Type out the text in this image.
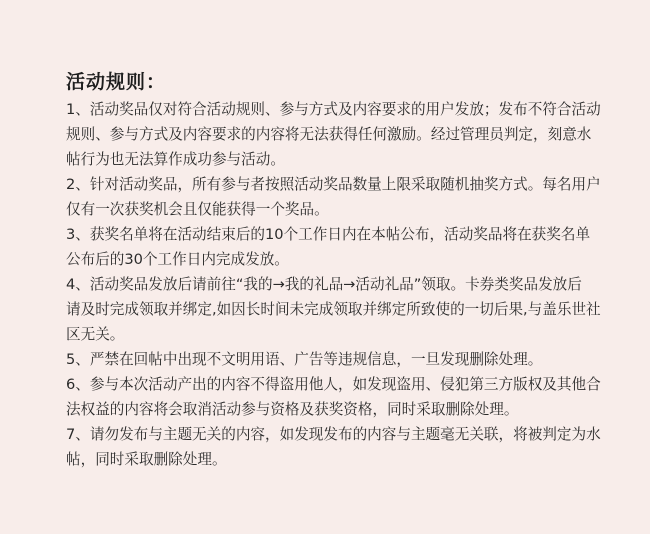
活动规则：
1、活动奖品仅对符合活动规则、参与方式及内容要求的用户发放；发布不符合活动
规则、参与方式及内容要求的内容将无法获得任何激励。经过管理员判定，刻意水
帖行为也无法算作成功参与活动。
2、针对活动奖品，所有参与者按照活动奖品数量上限采取随机抽奖方式。每名用户
仅有一次获奖机会且仅能获得一个奖品。
3、获奖名单将在活动结束后的10个工作日内在本帖公布，活动奖品将在获奖名单
公布后的30个工作日内完成发放。
4、活动奖品发放后请前往“我的→我的礼品→活动礼品”领取。卡券类奖品发放后
请及时完成领取并绑定,如因长时间未完成领取并绑定所致使的一切后果,与盖乐世社
区无关。
5、严禁在回帖中出现不文明用语、广告等违规信息，一旦发现删除处理。
6、参与本次活动产出的内容不得盗用他人，如发现盗用、侵犯第三方版权及其他合
法权益的内容将会取消活动参与资格及获奖资格，同时采取删除处理。
7、请勿发布与主题无关的内容，如发现发布的内容与主题毫无关联，将被判定为水
帖，同时采取删除处理。
